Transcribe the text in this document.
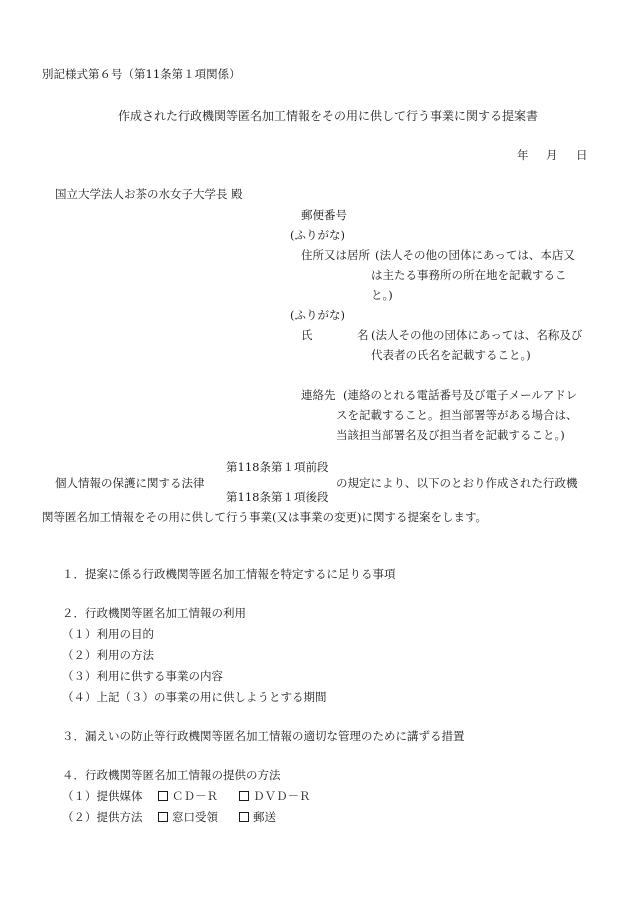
別記様式第６号（第11条第１項関係）
作成された行政機関等匿名加工情報をその用に供して行う事業に関する提案書
年 月 日
国立大学法人お茶の水女子大学長 殿
郵便番号
(ふりがな)
住所又は居所 (法人その他の団体にあっては、本店又
は主たる事務所の所在地を記載するこ
と。)
(ふりがな)
氏	名 (法人その他の団体にあっては、名称及び
代表者の氏名を記載すること。)
連絡先 (連絡のとれる電話番号及び電子メールアドレ
スを記載すること。担当部署等がある場合は、
当該担当部署名及び担当者を記載すること。)
第118条第１項前段
個人情報の保護に関する法律	の規定により、以下のとおり作成された行政機
第118条第１項後段
関等匿名加工情報をその用に供して行う事業(又は事業の変更)に関する提案をします。
１．提案に係る行政機関等匿名加工情報を特定するに足りる事項
２．行政機関等匿名加工情報の利用
（１）利用の目的
（２）利用の方法
（３）利用に供する事業の内容
（４）上記（３）の事業の用に供しようとする期間
３．漏えいの防止等行政機関等匿名加工情報の適切な管理のために講ずる措置
４．行政機関等匿名加工情報の提供の方法
（１）提供媒体	ＣＤ－Ｒ	ＤＶＤ－Ｒ
（２）提供方法	窓口受領	郵送
